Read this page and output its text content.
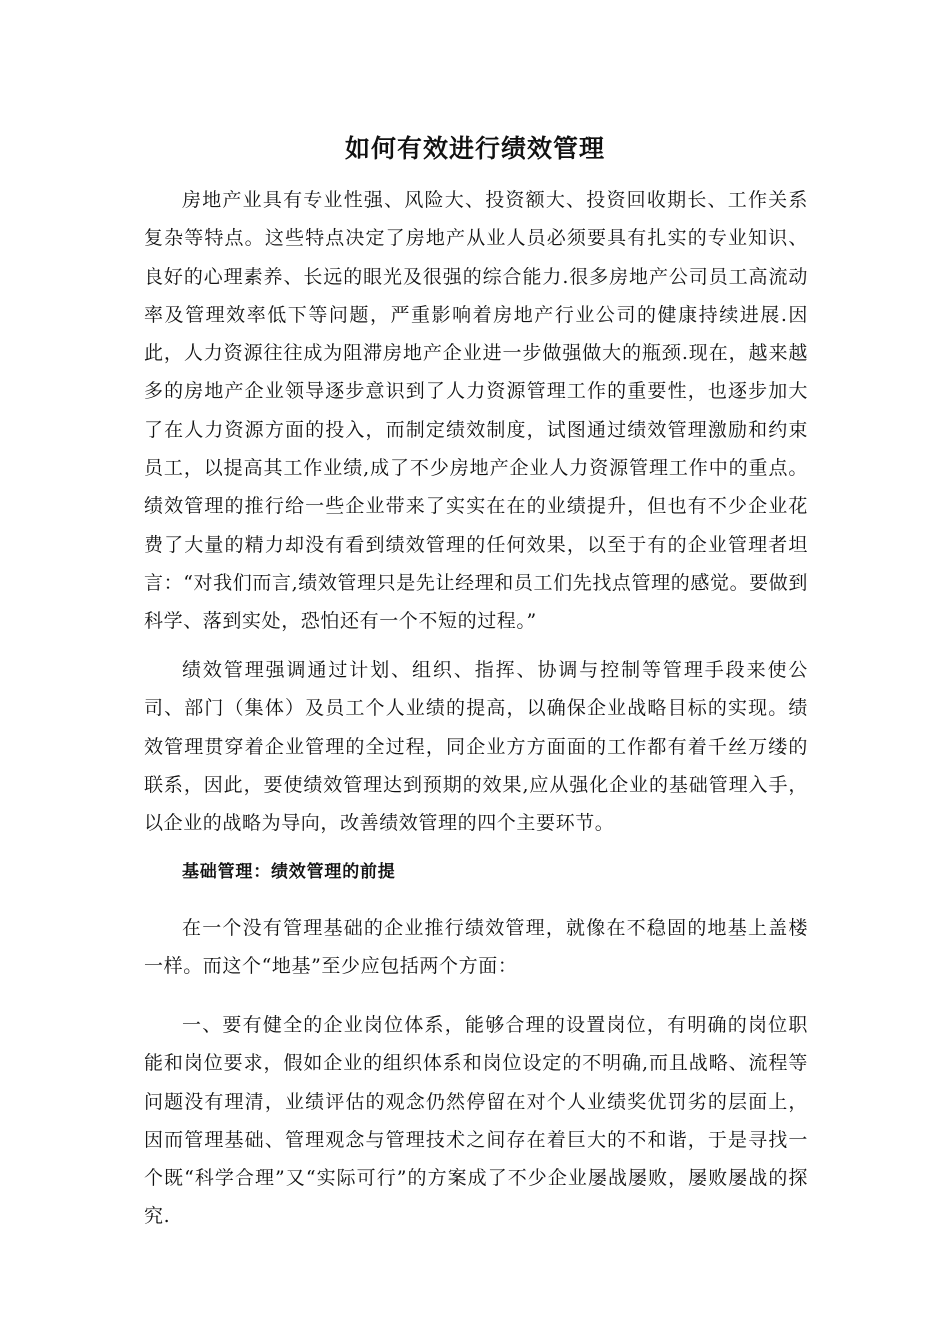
如何有效进行绩效管理

房地产业具有专业性强、风险大、投资额大、投资回收期长、工作关系复杂等特点。这些特点决定了房地产从业人员必须要具有扎实的专业知识、良好的心理素养、长远的眼光及很强的综合能力.很多房地产公司员工高流动率及管理效率低下等问题，严重影响着房地产行业公司的健康持续进展.因此，人力资源往往成为阻滞房地产企业进一步做强做大的瓶颈.现在，越来越多的房地产企业领导逐步意识到了人力资源管理工作的重要性，也逐步加大了在人力资源方面的投入，而制定绩效制度，试图通过绩效管理激励和约束员工，以提高其工作业绩,成了不少房地产企业人力资源管理工作中的重点。绩效管理的推行给一些企业带来了实实在在的业绩提升，但也有不少企业花费了大量的精力却没有看到绩效管理的任何效果，以至于有的企业管理者坦言：“对我们而言,绩效管理只是先让经理和员工们先找点管理的感觉。要做到科学、落到实处，恐怕还有一个不短的过程。”

绩效管理强调通过计划、组织、指挥、协调与控制等管理手段来使公司、部门（集体）及员工个人业绩的提高，以确保企业战略目标的实现。绩效管理贯穿着企业管理的全过程，同企业方方面面的工作都有着千丝万缕的联系，因此，要使绩效管理达到预期的效果,应从强化企业的基础管理入手，以企业的战略为导向，改善绩效管理的四个主要环节。

基础管理：绩效管理的前提

在一个没有管理基础的企业推行绩效管理，就像在不稳固的地基上盖楼一样。而这个“地基”至少应包括两个方面：

一、要有健全的企业岗位体系，能够合理的设置岗位，有明确的岗位职能和岗位要求，假如企业的组织体系和岗位设定的不明确,而且战略、流程等问题没有理清，业绩评估的观念仍然停留在对个人业绩奖优罚劣的层面上，因而管理基础、管理观念与管理技术之间存在着巨大的不和谐，于是寻找一个既“科学合理”又“实际可行”的方案成了不少企业屡战屡败，屡败屡战的探究.
